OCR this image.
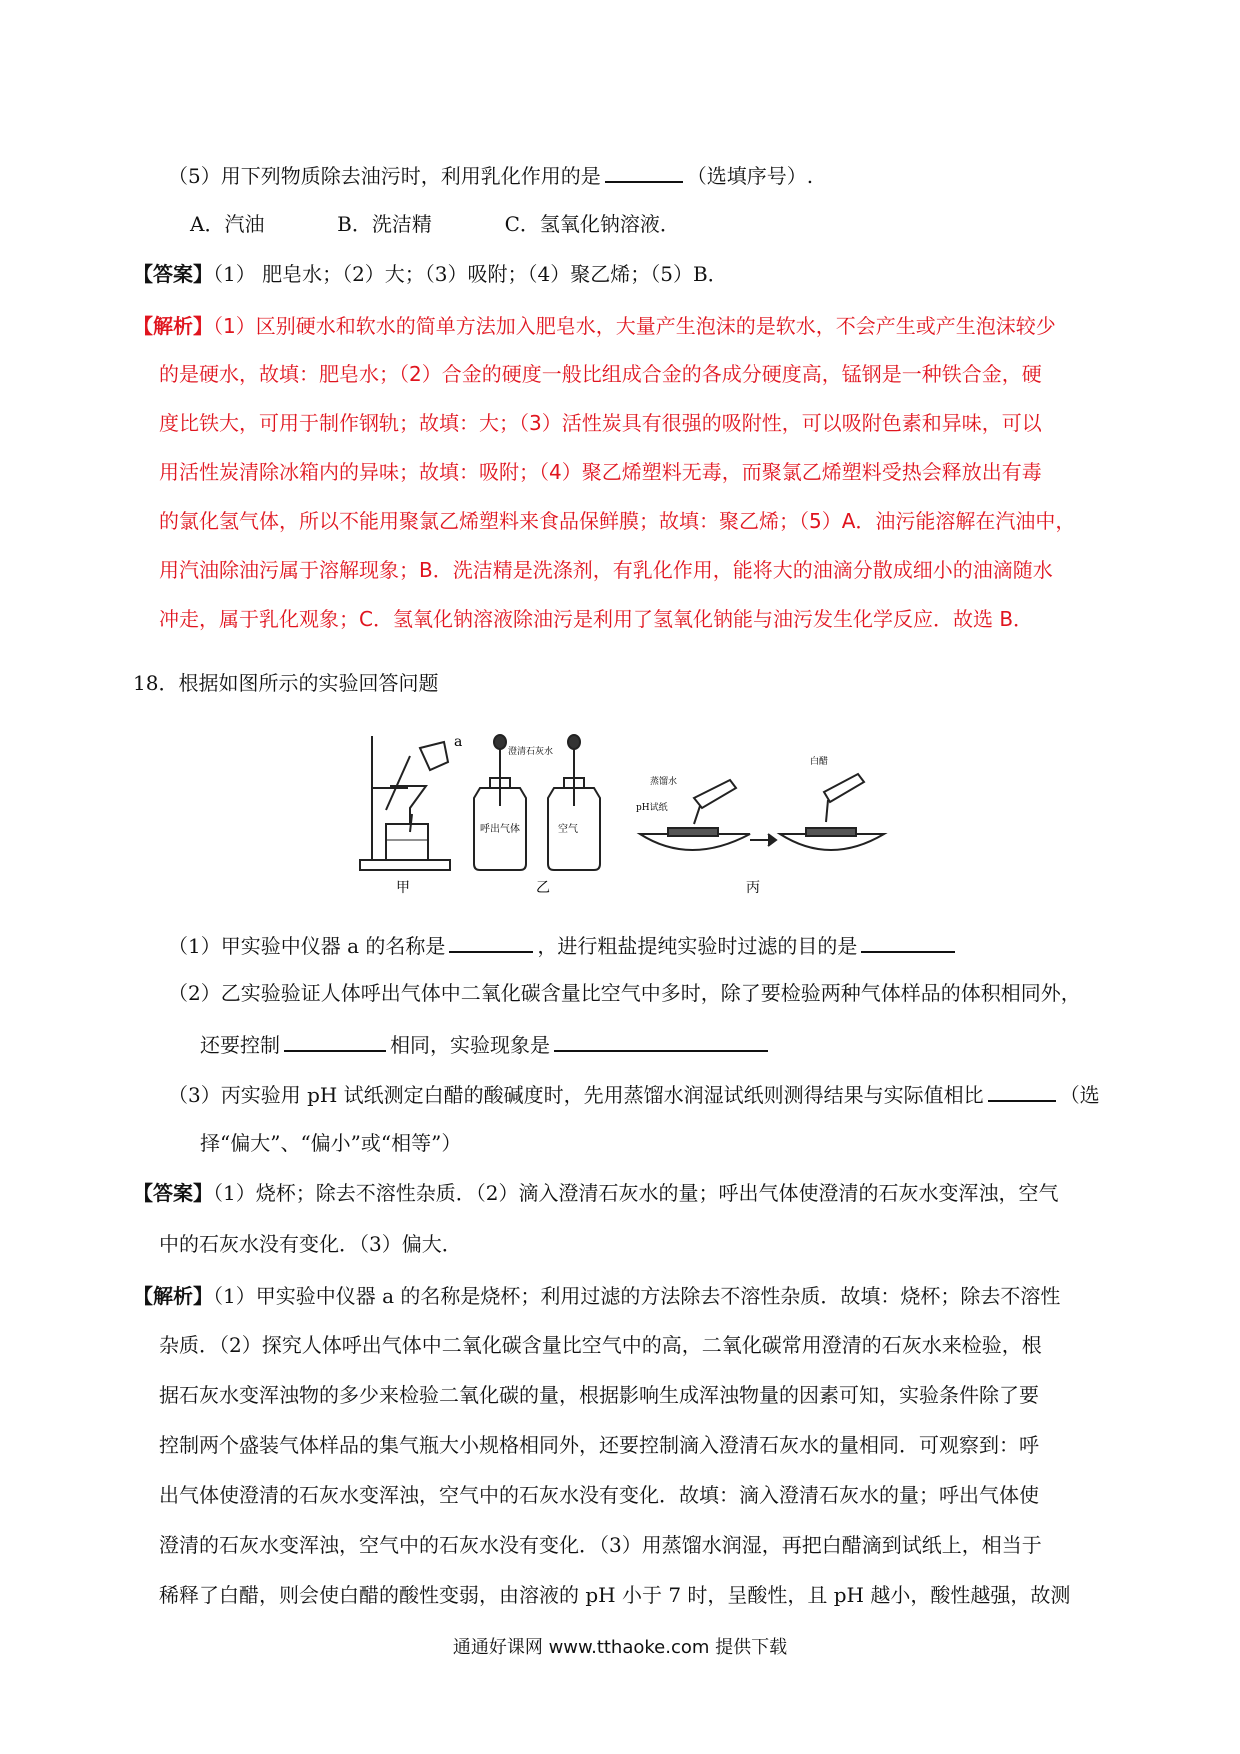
（5）用下列物质除去油污时，利用乳化作用的是	（选填序号）.
A．汽油	B．洗洁精	C．氢氧化钠溶液．
【答案】（1） 肥皂水；（2）大；（3）吸附；（4）聚乙烯；（5）B．
【解析】（1）区别硬水和软水的简单方法加入肥皂水，大量产生泡沫的是软水，不会产生或产生泡沫较少
的是硬水，故填：肥皂水；（2）合金的硬度一般比组成合金的各成分硬度高，锰钢是一种铁合金，硬
度比铁大，可用于制作钢轨；故填：大；（3）活性炭具有很强的吸附性，可以吸附色素和异味，可以
用活性炭清除冰箱内的异味；故填：吸附；（4）聚乙烯塑料无毒，而聚氯乙烯塑料受热会释放出有毒
的氯化氢气体，所以不能用聚氯乙烯塑料来食品保鲜膜；故填：聚乙烯；（5）A．油污能溶解在汽油中，
用汽油除油污属于溶解现象；B．洗洁精是洗涤剂，有乳化作用，能将大的油滴分散成细小的油滴随水
冲走，属于乳化观象；C．氢氧化钠溶液除油污是利用了氢氧化钠能与油污发生化学反应．故选 B．
18．根据如图所示的实验回答问题
a
甲	乙	丙
呼出气体	空气
澄清石灰水
蒸馏水
pH试纸
白醋
（1）甲实验中仪器 a 的名称是	，进行粗盐提纯实验时过滤的目的是
（2）乙实验验证人体呼出气体中二氧化碳含量比空气中多时，除了要检验两种气体样品的体积相同外，
还要控制	相同，实验现象是
（3）丙实验用 pH 试纸测定白醋的酸碱度时，先用蒸馏水润湿试纸则测得结果与实际值相比	（选
择“偏大”、“偏小”或“相等”）
【答案】（1）烧杯；除去不溶性杂质．（2）滴入澄清石灰水的量；呼出气体使澄清的石灰水变浑浊，空气
中的石灰水没有变化．（3）偏大．
【解析】（1）甲实验中仪器 a 的名称是烧杯；利用过滤的方法除去不溶性杂质．故填：烧杯；除去不溶性
杂质．（2）探究人体呼出气体中二氧化碳含量比空气中的高，二氧化碳常用澄清的石灰水来检验，根
据石灰水变浑浊物的多少来检验二氧化碳的量，根据影响生成浑浊物量的因素可知，实验条件除了要
控制两个盛装气体样品的集气瓶大小规格相同外，还要控制滴入澄清石灰水的量相同．可观察到：呼
出气体使澄清的石灰水变浑浊，空气中的石灰水没有变化．故填：滴入澄清石灰水的量；呼出气体使
澄清的石灰水变浑浊，空气中的石灰水没有变化．（3）用蒸馏水润湿，再把白醋滴到试纸上，相当于
稀释了白醋，则会使白醋的酸性变弱，由溶液的 pH 小于 7 时，呈酸性，且 pH 越小，酸性越强，故测
通通好课网 www.tthaoke.com 提供下载
